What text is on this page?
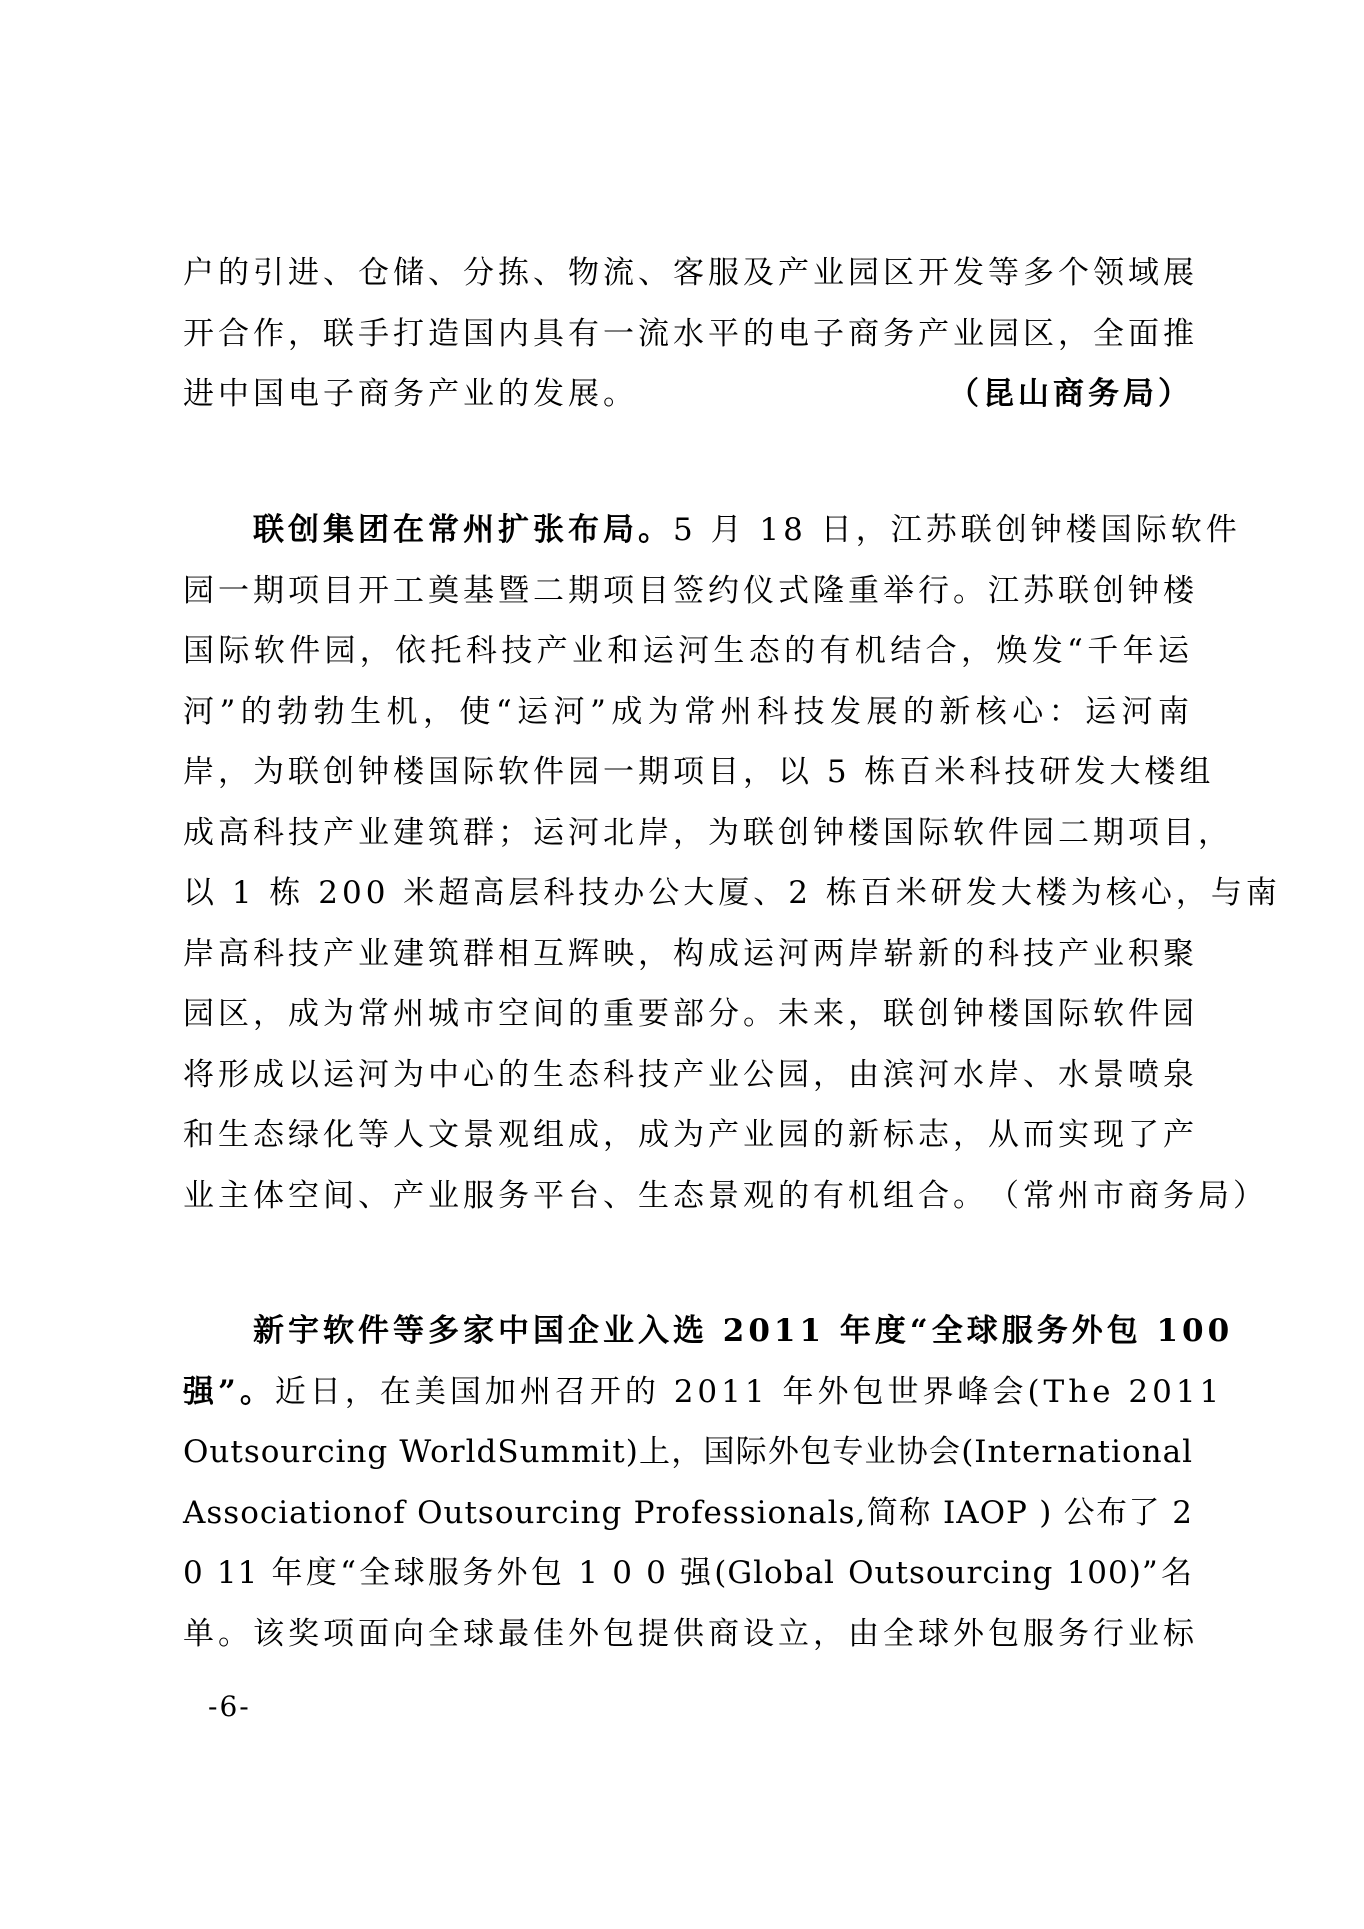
户的引进、仓储、分拣、物流、客服及产业园区开发等多个领域展
开合作，联手打造国内具有一流水平的电子商务产业园区，全面推
进中国电子商务产业的发展。	（昆山商务局）
联创集团在常州扩张布局。5 月 18 日，江苏联创钟楼国际软件
园一期项目开工奠基暨二期项目签约仪式隆重举行。江苏联创钟楼
国际软件园，依托科技产业和运河生态的有机结合，焕发“千年运
河”的勃勃生机，使“运河”成为常州科技发展的新核心：运河南
岸，为联创钟楼国际软件园一期项目，以 5 栋百米科技研发大楼组
成高科技产业建筑群；运河北岸，为联创钟楼国际软件园二期项目，
以 1 栋 200 米超高层科技办公大厦、2 栋百米研发大楼为核心，与南
岸高科技产业建筑群相互辉映，构成运河两岸崭新的科技产业积聚
园区，成为常州城市空间的重要部分。未来，联创钟楼国际软件园
将形成以运河为中心的生态科技产业公园，由滨河水岸、水景喷泉
和生态绿化等人文景观组成，成为产业园的新标志，从而实现了产
业主体空间、产业服务平台、生态景观的有机组合。 （常州市商务局）
新宇软件等多家中国企业入选 2011 年度“全球服务外包 100
强”。近日，在美国加州召开的 2011 年外包世界峰会(The 2011
Outsourcing WorldSummit)上，国际外包专业协会(International
Associationof Outsourcing Professionals,简称 IAOP ) 公布了 2
0 11 年度“全球服务外包 1 0 0 强(Global Outsourcing 100)”名
单。该奖项面向全球最佳外包提供商设立，由全球外包服务行业标
-6-
